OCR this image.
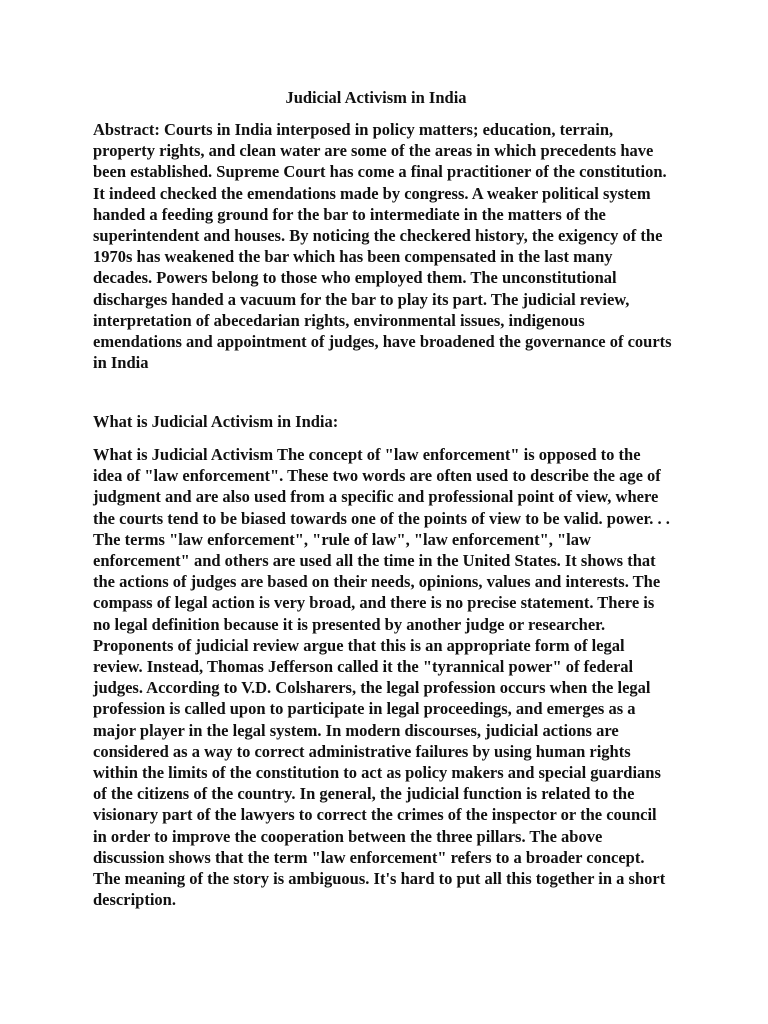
Judicial Activism in India

Abstract: Courts in India interposed in policy matters; education, terrain, property rights, and clean water are some of the areas in which precedents have been established. Supreme Court has come a final practitioner of the constitution. It indeed checked the emendations made by congress. A weaker political system handed a feeding ground for the bar to intermediate in the matters of the superintendent and houses. By noticing the checkered history, the exigency of the 1970s has weakened the bar which has been compensated in the last many decades. Powers belong to those who employed them. The unconstitutional discharges handed a vacuum for the bar to play its part. The judicial review, interpretation of abecedarian rights, environmental issues, indigenous emendations and appointment of judges, have broadened the governance of courts in India

What is Judicial Activism in India:

What is Judicial Activism The concept of "law enforcement" is opposed to the idea of "law enforcement". These two words are often used to describe the age of judgment and are also used from a specific and professional point of view, where the courts tend to be biased towards one of the points of view to be valid. power. . . The terms "law enforcement", "rule of law", "law enforcement", "law enforcement" and others are used all the time in the United States. It shows that the actions of judges are based on their needs, opinions, values and interests. The compass of legal action is very broad, and there is no precise statement. There is no legal definition because it is presented by another judge or researcher. Proponents of judicial review argue that this is an appropriate form of legal review. Instead, Thomas Jefferson called it the "tyrannical power" of federal judges. According to V.D. Colsharers, the legal profession occurs when the legal profession is called upon to participate in legal proceedings, and emerges as a major player in the legal system. In modern discourses, judicial actions are considered as a way to correct administrative failures by using human rights within the limits of the constitution to act as policy makers and special guardians of the citizens of the country. In general, the judicial function is related to the visionary part of the lawyers to correct the crimes of the inspector or the council in order to improve the cooperation between the three pillars. The above discussion shows that the term "law enforcement" refers to a broader concept. The meaning of the story is ambiguous. It's hard to put all this together in a short description.
